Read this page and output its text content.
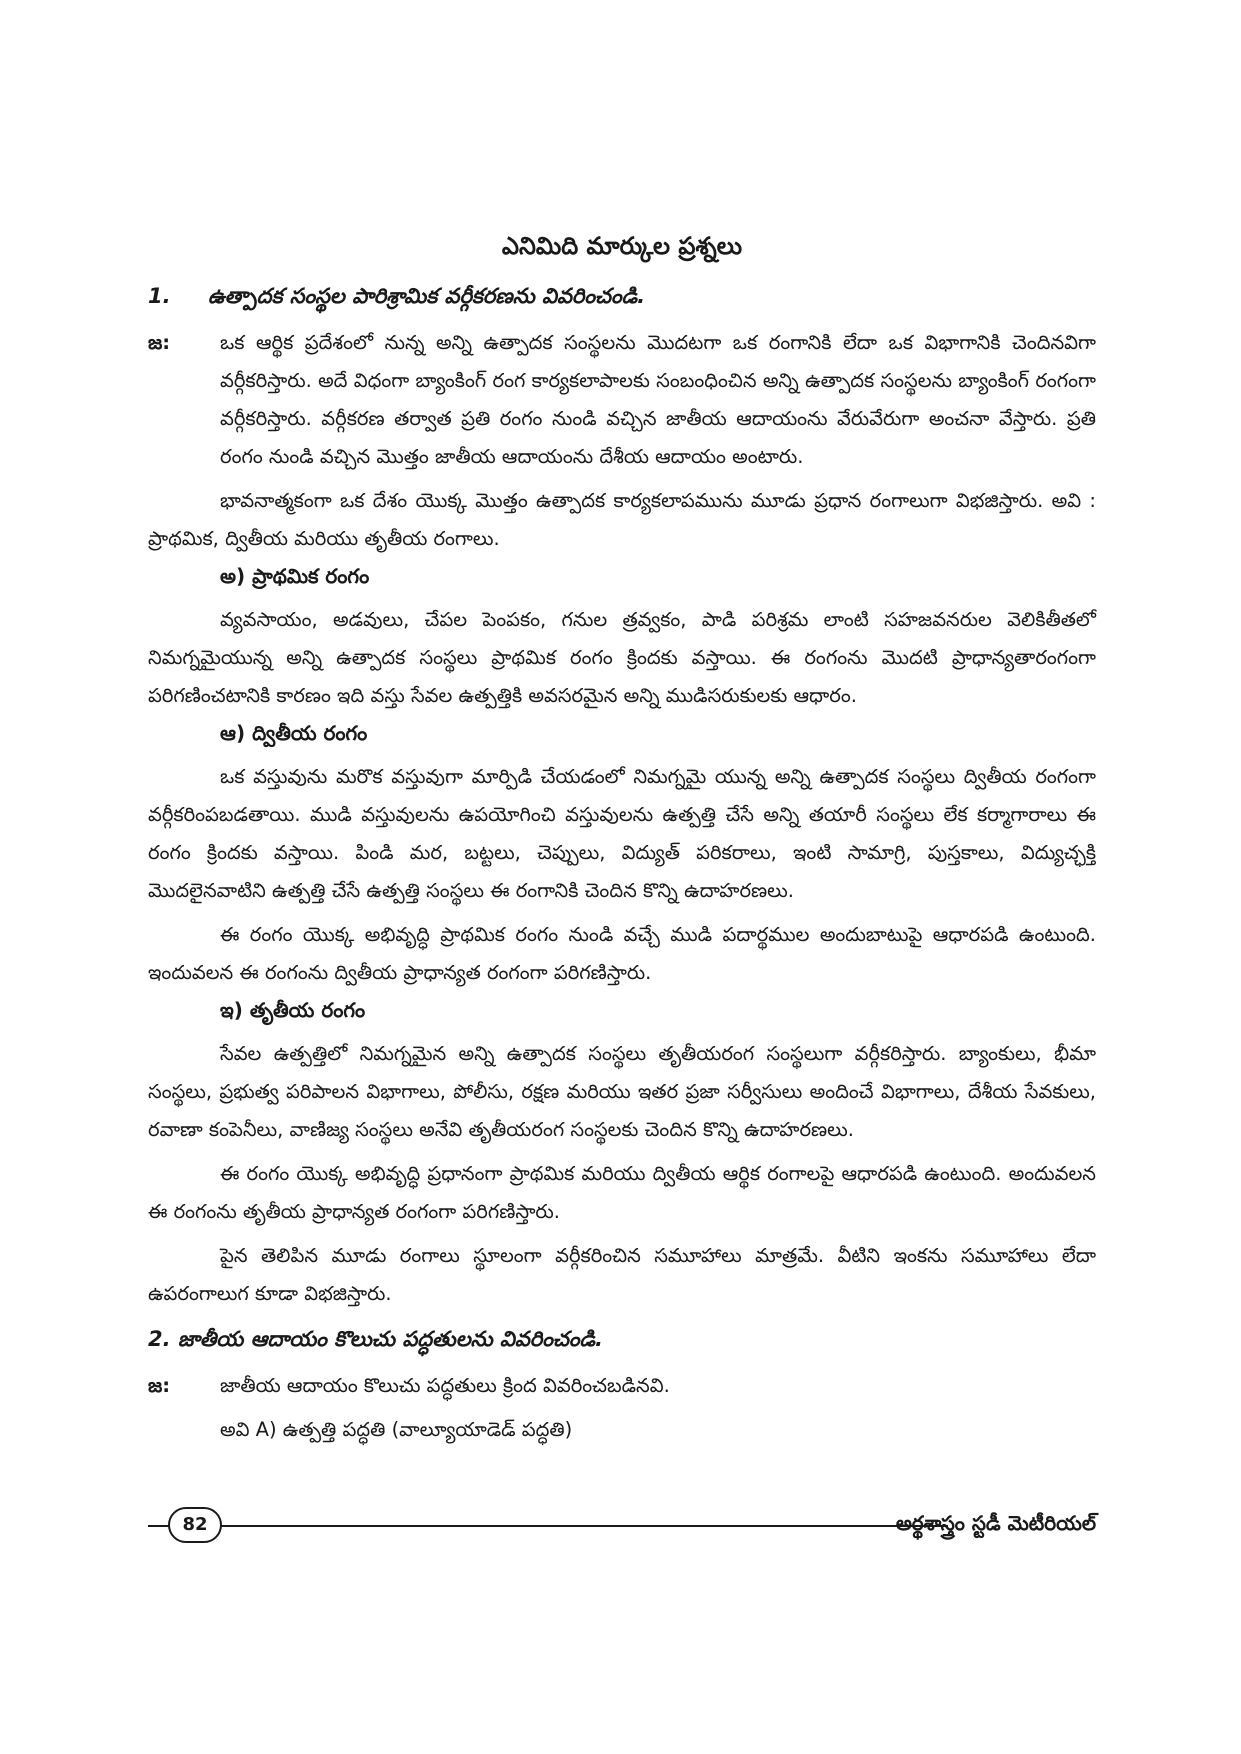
ఎనిమిది మార్కుల ప్రశ్నలు
1.	ఉత్పాదక సంస్థల పారిశ్రామిక వర్గీకరణను వివరించండి.
జ:	ఒక ఆర్థిక ప్రదేశంలో నున్న అన్ని ఉత్పాదక సంస్థలను మొదటగా ఒక రంగానికి లేదా ఒక విభాగానికి చెందినవిగా వర్గీకరిస్తారు. అదే విధంగా బ్యాంకింగ్ రంగ కార్యకలాపాలకు సంబంధించిన అన్ని ఉత్పాదక సంస్థలను బ్యాంకింగ్ రంగంగా వర్గీకరిస్తారు. వర్గీకరణ తర్వాత ప్రతి రంగం నుండి వచ్చిన జాతీయ ఆదాయంను వేరువేరుగా అంచనా వేస్తారు. ప్రతి రంగం నుండి వచ్చిన మొత్తం జాతీయ ఆదాయంను దేశీయ ఆదాయం అంటారు.
భావనాత్మకంగా ఒక దేశం యొక్క మొత్తం ఉత్పాదక కార్యకలాపమును మూడు ప్రధాన రంగాలుగా విభజిస్తారు. అవి : ప్రాథమిక, ద్వితీయ మరియు తృతీయ రంగాలు.
అ) ప్రాథమిక రంగం
వ్యవసాయం, అడవులు, చేపల పెంపకం, గనుల త్రవ్వకం, పాడి పరిశ్రమ లాంటి సహజవనరుల వెలికితీతలో నిమగ్నమైయున్న అన్ని ఉత్పాదక సంస్థలు ప్రాథమిక రంగం క్రిందకు వస్తాయి. ఈ రంగంను మొదటి ప్రాధాన్యతారంగంగా పరిగణించటానికి కారణం ఇది వస్తు సేవల ఉత్పత్తికి అవసరమైన అన్ని ముడిసరుకులకు ఆధారం.
ఆ) ద్వితీయ రంగం
ఒక వస్తువును మరొక వస్తువుగా మార్పిడి చేయడంలో నిమగ్నమై యున్న అన్ని ఉత్పాదక సంస్థలు ద్వితీయ రంగంగా వర్గీకరింపబడతాయి. ముడి వస్తువులను ఉపయోగించి వస్తువులను ఉత్పత్తి చేసే అన్ని తయారీ సంస్థలు లేక కర్మాగారాలు ఈ రంగం క్రిందకు వస్తాయి. పిండి మర, బట్టలు, చెప్పులు, విద్యుత్ పరికరాలు, ఇంటి సామాగ్రి, పుస్తకాలు, విద్యుచ్ఛక్తి మొదలైనవాటిని ఉత్పత్తి చేసే ఉత్పత్తి సంస్థలు ఈ రంగానికి చెందిన కొన్ని ఉదాహరణలు.
ఈ రంగం యొక్క అభివృద్ధి ప్రాథమిక రంగం నుండి వచ్చే ముడి పదార్థముల అందుబాటుపై ఆధారపడి ఉంటుంది. ఇందువలన ఈ రంగంను ద్వితీయ ప్రాధాన్యత రంగంగా పరిగణిస్తారు.
ఇ) తృతీయ రంగం
సేవల ఉత్పత్తిలో నిమగ్నమైన అన్ని ఉత్పాదక సంస్థలు తృతీయరంగ సంస్థలుగా వర్గీకరిస్తారు. బ్యాంకులు, భీమా సంస్థలు, ప్రభుత్వ పరిపాలన విభాగాలు, పోలీసు, రక్షణ మరియు ఇతర ప్రజా సర్వీసులు అందించే విభాగాలు, దేశీయ సేవకులు, రవాణా కంపెనీలు, వాణిజ్య సంస్థలు అనేవి తృతీయరంగ సంస్థలకు చెందిన కొన్ని ఉదాహరణలు.
ఈ రంగం యొక్క అభివృద్ధి ప్రధానంగా ప్రాథమిక మరియు ద్వితీయ ఆర్థిక రంగాలపై ఆధారపడి ఉంటుంది. అందువలన ఈ రంగంను తృతీయ ప్రాధాన్యత రంగంగా పరిగణిస్తారు.
పైన తెలిపిన మూడు రంగాలు స్థూలంగా వర్గీకరించిన సమూహాలు మాత్రమే. వీటిని ఇంకను సమూహాలు లేదా ఉపరంగాలుగ కూడా విభజిస్తారు.
2. జాతీయ ఆదాయం కొలుచు పద్ధతులను వివరించండి.
జ:	జాతీయ ఆదాయం కొలుచు పద్ధతులు క్రింద వివరించబడినవి.
అవి A) ఉత్పత్తి పద్ధతి (వాల్యూయాడెడ్ పద్ధతి)
82	అర్థశాస్త్రం స్టడీ మెటీరియల్
